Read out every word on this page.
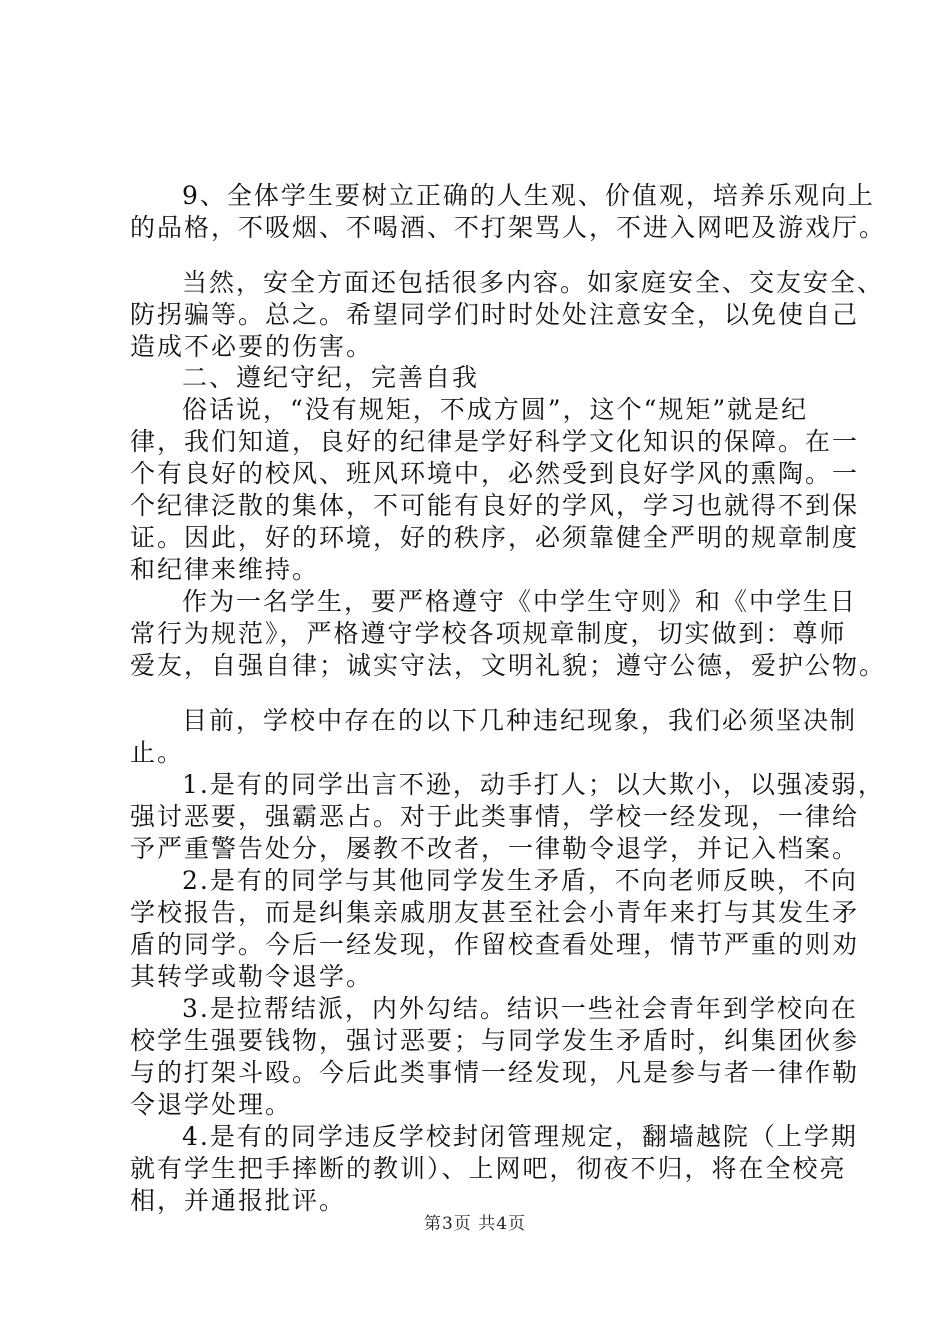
9、全体学生要树立正确的人生观、价值观，培养乐观向上

的品格，不吸烟、不喝酒、不打架骂人，不进入网吧及游戏厅。

当然，安全方面还包括很多内容。如家庭安全、交友安全、

防拐骗等。总之。希望同学们时时处处注意安全，以免使自己

造成不必要的伤害。

二、遵纪守纪，完善自我

俗话说，“没有规矩，不成方圆”，这个“规矩”就是纪

律，我们知道，良好的纪律是学好科学文化知识的保障。在一

个有良好的校风、班风环境中，必然受到良好学风的熏陶。一

个纪律泛散的集体，不可能有良好的学风，学习也就得不到保

证。因此，好的环境，好的秩序，必须靠健全严明的规章制度

和纪律来维持。

作为一名学生，要严格遵守《中学生守则》和《中学生日

常行为规范》，严格遵守学校各项规章制度，切实做到：尊师

爱友，自强自律；诚实守法，文明礼貌；遵守公德，爱护公物。

目前，学校中存在的以下几种违纪现象，我们必须坚决制

止。

1.是有的同学出言不逊，动手打人；以大欺小，以强凌弱，

强讨恶要，强霸恶占。对于此类事情，学校一经发现，一律给

予严重警告处分，屡教不改者，一律勒令退学，并记入档案。

2.是有的同学与其他同学发生矛盾，不向老师反映，不向

学校报告，而是纠集亲戚朋友甚至社会小青年来打与其发生矛

盾的同学。今后一经发现，作留校查看处理，情节严重的则劝

其转学或勒令退学。

3.是拉帮结派，内外勾结。结识一些社会青年到学校向在

校学生强要钱物，强讨恶要；与同学发生矛盾时，纠集团伙参

与的打架斗殴。今后此类事情一经发现，凡是参与者一律作勒

令退学处理。

4.是有的同学违反学校封闭管理规定，翻墙越院（上学期

就有学生把手摔断的教训）、上网吧，彻夜不归，将在全校亮

相，并通报批评。

第3页 共4页
